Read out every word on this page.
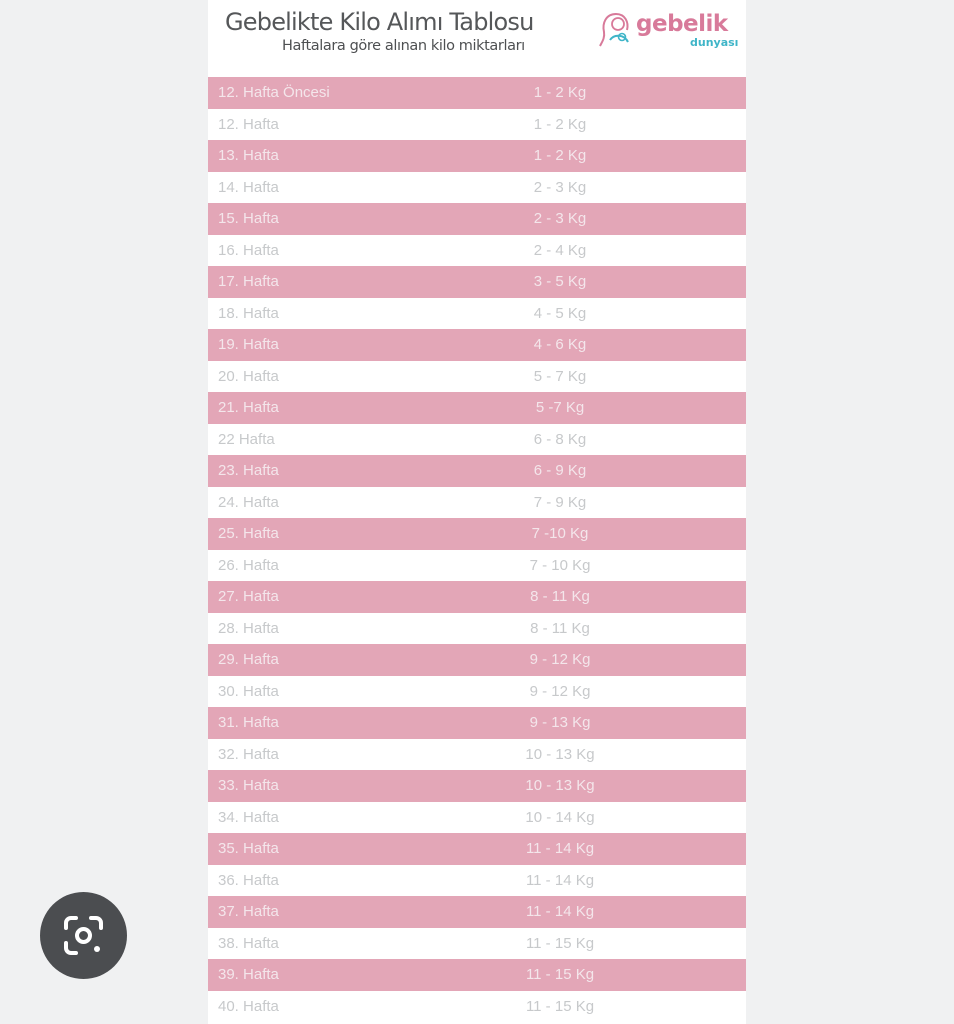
Gebelikte Kilo Alımı Tablosu
Haftalara göre alınan kilo miktarları
gebelik
dunyası
12. Hafta Öncesi	1 - 2 Kg
12. Hafta	1 - 2 Kg
13. Hafta	1 - 2 Kg
14. Hafta	2 - 3 Kg
15. Hafta	2 - 3 Kg
16. Hafta	2 - 4 Kg
17. Hafta	3 - 5 Kg
18. Hafta	4 - 5 Kg
19. Hafta	4 - 6 Kg
20. Hafta	5 - 7 Kg
21. Hafta	5 -7 Kg
22 Hafta	6 - 8 Kg
23. Hafta	6 - 9 Kg
24. Hafta	7 - 9 Kg
25. Hafta	7 -10 Kg
26. Hafta	7 - 10 Kg
27. Hafta	8 - 11 Kg
28. Hafta	8 - 11 Kg
29. Hafta	9 - 12 Kg
30. Hafta	9 - 12 Kg
31. Hafta	9 - 13 Kg
32. Hafta	10 - 13 Kg
33. Hafta	10 - 13 Kg
34. Hafta	10 - 14 Kg
35. Hafta	11 - 14 Kg
36. Hafta	11 - 14 Kg
37. Hafta	11 - 14 Kg
38. Hafta	11 - 15 Kg
39. Hafta	11 - 15 Kg
40. Hafta	11 - 15 Kg
